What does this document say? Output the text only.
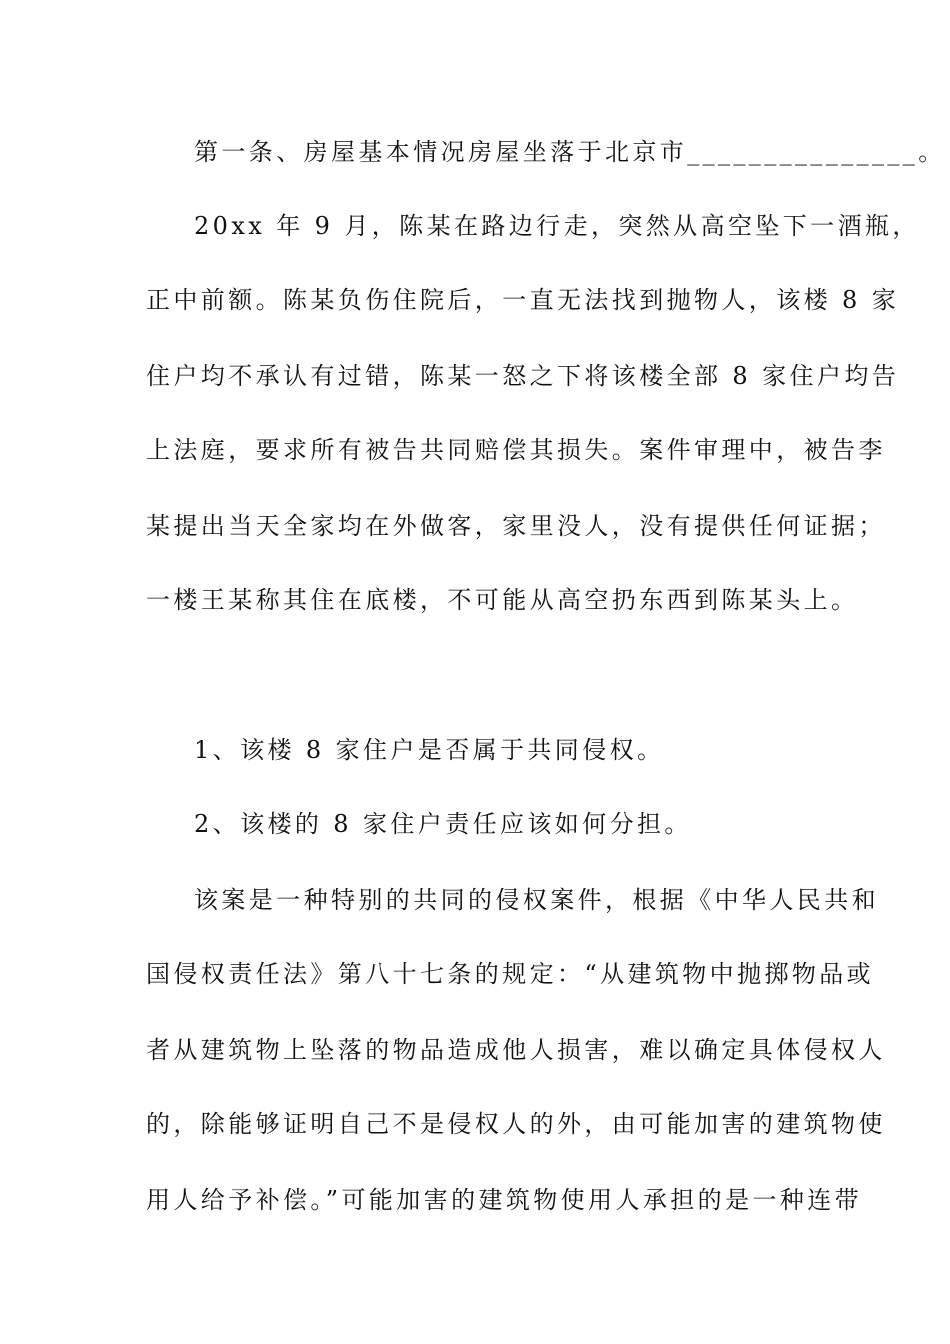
第一条、房屋基本情况房屋坐落于北京市_______________。
20xx 年 9 月，陈某在路边行走，突然从高空坠下一酒瓶，
正中前额。陈某负伤住院后，一直无法找到抛物人，该楼 8 家
住户均不承认有过错，陈某一怒之下将该楼全部 8 家住户均告
上法庭，要求所有被告共同赔偿其损失。案件审理中，被告李
某提出当天全家均在外做客，家里没人，没有提供任何证据；
一楼王某称其住在底楼，不可能从高空扔东西到陈某头上。
1、该楼 8 家住户是否属于共同侵权。
2、该楼的 8 家住户责任应该如何分担。
该案是一种特别的共同的侵权案件，根据《中华人民共和
国侵权责任法》第八十七条的规定：“从建筑物中抛掷物品或
者从建筑物上坠落的物品造成他人损害，难以确定具体侵权人
的，除能够证明自己不是侵权人的外，由可能加害的建筑物使
用人给予补偿。”可能加害的建筑物使用人承担的是一种连带
